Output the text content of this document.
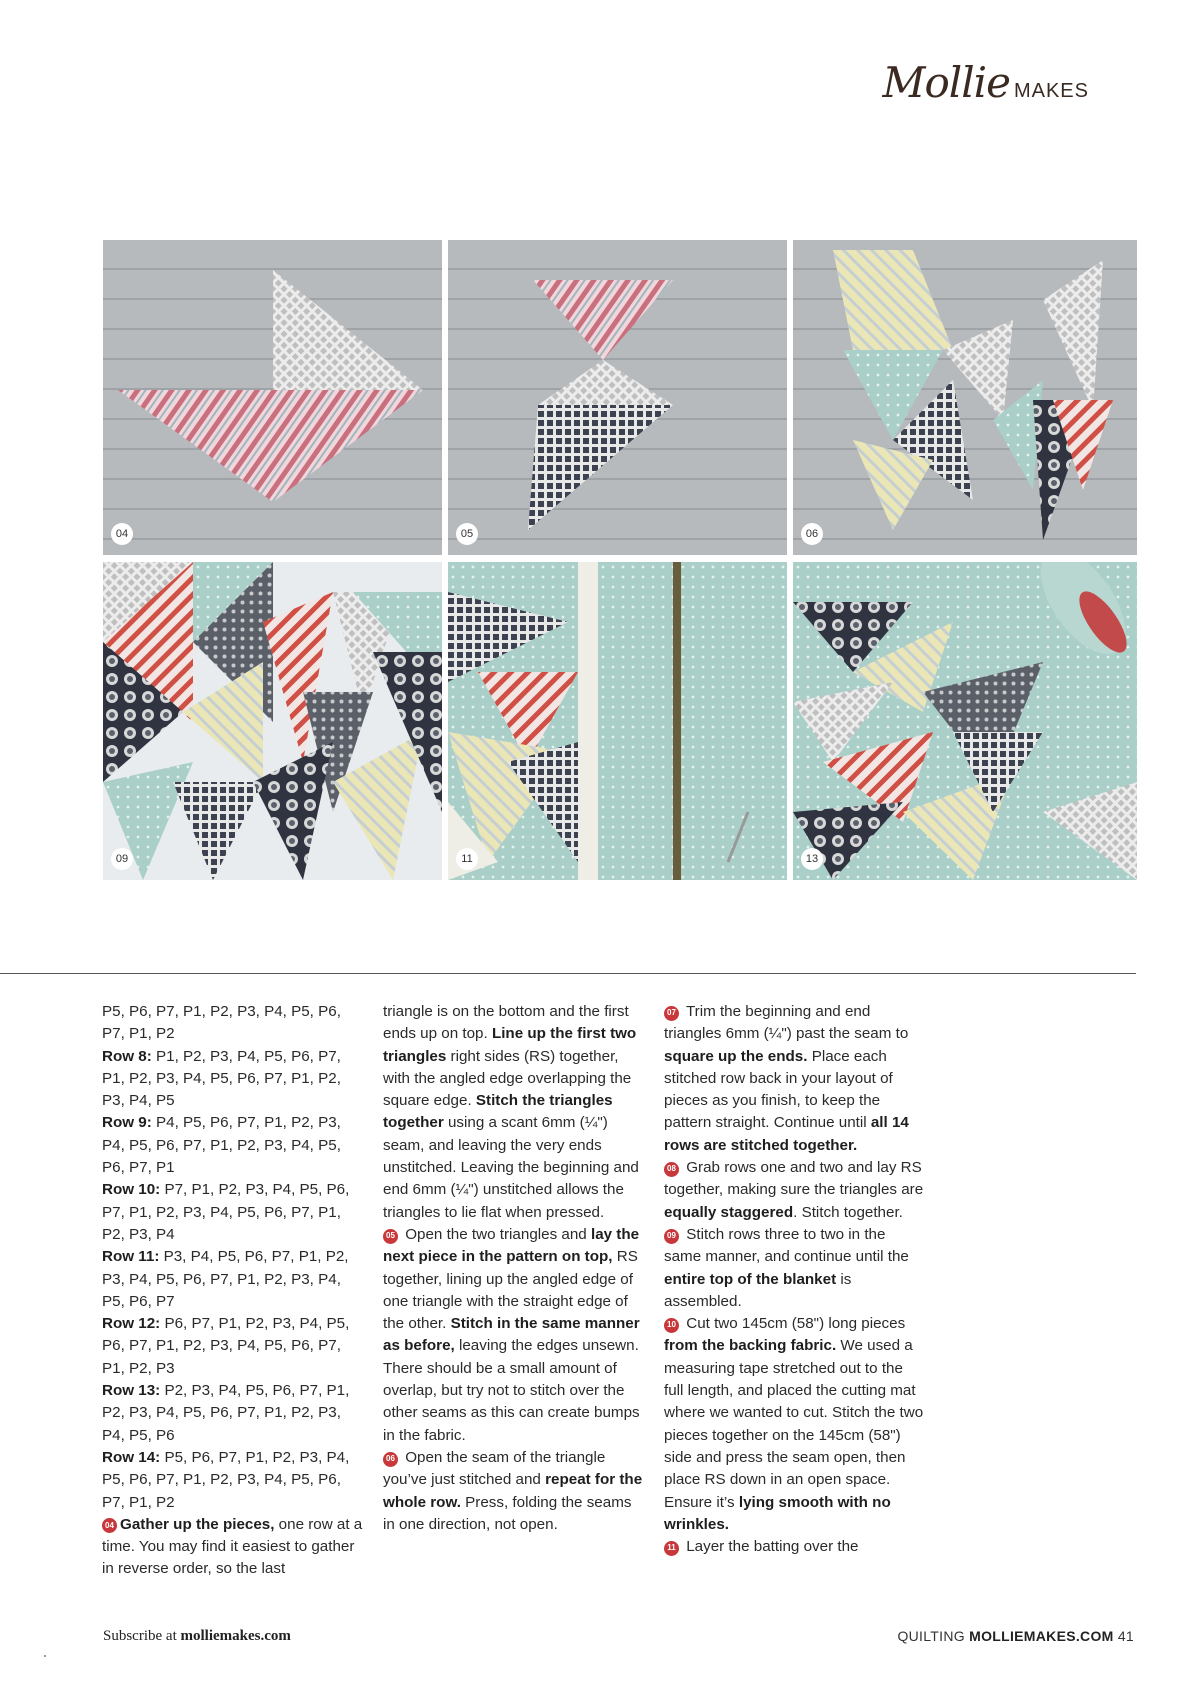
Mollie MAKES
04	05	06
09	11	13

P5, P6, P7, P1, P2, P3, P4, P5, P6, P7, P1, P2

Row 8: P1, P2, P3, P4, P5, P6, P7, P1, P2, P3, P4, P5, P6, P7, P1, P2, P3, P4, P5

Row 9: P4, P5, P6, P7, P1, P2, P3, P4, P5, P6, P7, P1, P2, P3, P4, P5, P6, P7, P1

Row 10: P7, P1, P2, P3, P4, P5, P6, P7, P1, P2, P3, P4, P5, P6, P7, P1, P2, P3, P4

Row 11: P3, P4, P5, P6, P7, P1, P2, P3, P4, P5, P6, P7, P1, P2, P3, P4, P5, P6, P7

Row 12: P6, P7, P1, P2, P3, P4, P5, P6, P7, P1, P2, P3, P4, P5, P6, P7, P1, P2, P3

Row 13: P2, P3, P4, P5, P6, P7, P1, P2, P3, P4, P5, P6, P7, P1, P2, P3, P4, P5, P6

Row 14: P5, P6, P7, P1, P2, P3, P4, P5, P6, P7, P1, P2, P3, P4, P5, P6, P7, P1, P2

04 Gather up the pieces, one row at a time. You may find it easiest to gather in reverse order, so the last

triangle is on the bottom and the first ends up on top. Line up the first two triangles right sides (RS) together, with the angled edge overlapping the square edge. Stitch the triangles together using a scant 6mm (¼") seam, and leaving the very ends unstitched. Leaving the beginning and end 6mm (¼") unstitched allows the triangles to lie flat when pressed.

05 Open the two triangles and lay the next piece in the pattern on top, RS together, lining up the angled edge of one triangle with the straight edge of the other. Stitch in the same manner as before, leaving the edges unsewn. There should be a small amount of overlap, but try not to stitch over the other seams as this can create bumps in the fabric.

06 Open the seam of the triangle you’ve just stitched and repeat for the whole row. Press, folding the seams in one direction, not open.

07 Trim the beginning and end triangles 6mm (¼") past the seam to square up the ends. Place each stitched row back in your layout of pieces as you finish, to keep the pattern straight. Continue until all 14 rows are stitched together.

08 Grab rows one and two and lay RS together, making sure the triangles are equally staggered. Stitch together.

09 Stitch rows three to two in the same manner, and continue until the entire top of the blanket is assembled.

10 Cut two 145cm (58") long pieces from the backing fabric. We used a measuring tape stretched out to the full length, and placed the cutting mat where we wanted to cut. Stitch the two pieces together on the 145cm (58") side and press the seam open, then place RS down in an open space. Ensure it’s lying smooth with no wrinkles.

11 Layer the batting over the

Subscribe at molliemakes.com	QUILTING MOLLIEMAKES.COM 41
